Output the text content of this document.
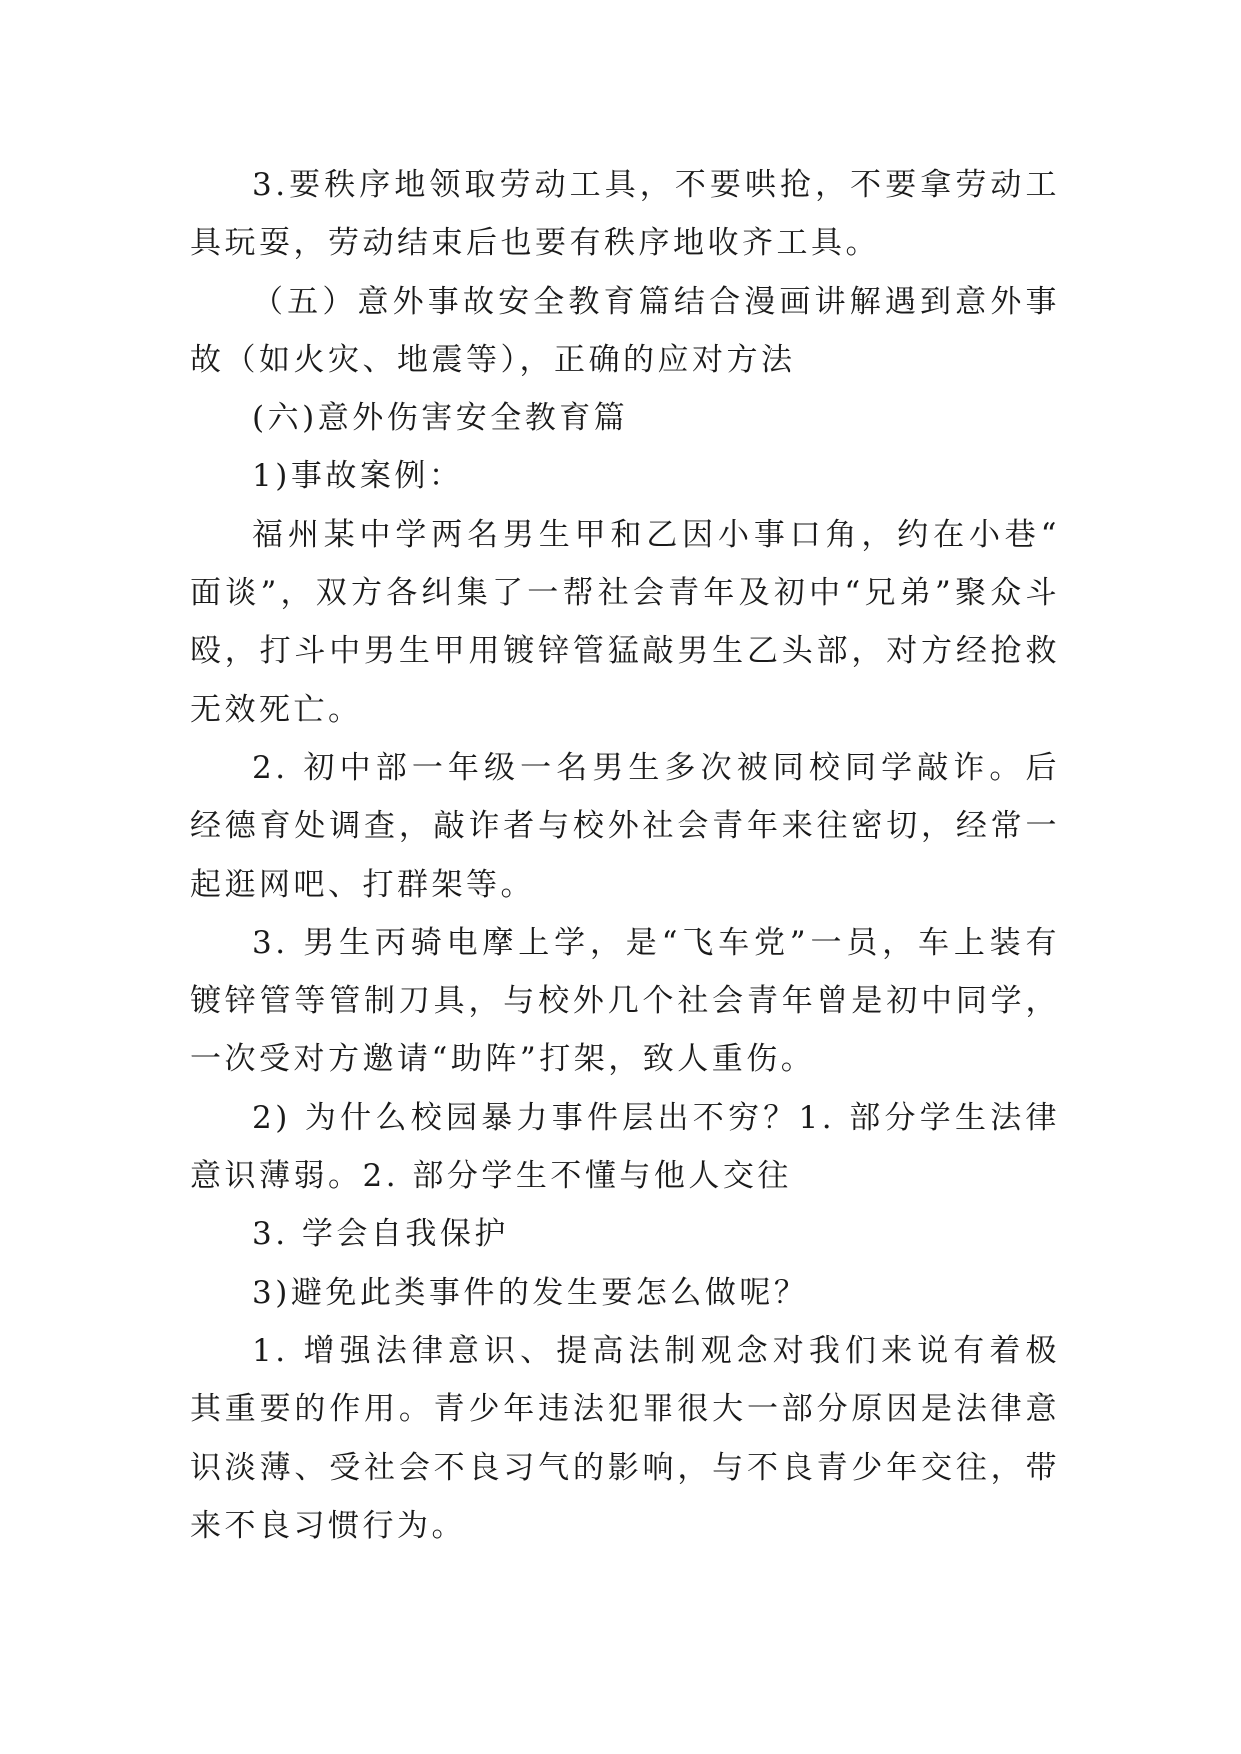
3.要秩序地领取劳动工具，不要哄抢，不要拿劳动工具玩耍，劳动结束后也要有秩序地收齐工具。

（五）意外事故安全教育篇结合漫画讲解遇到意外事故（如火灾、地震等），正确的应对方法

(六)意外伤害安全教育篇

1)事故案例：

福州某中学两名男生甲和乙因小事口角，约在小巷“面谈”，双方各纠集了一帮社会青年及初中“兄弟”聚众斗殴，打斗中男生甲用镀锌管猛敲男生乙头部，对方经抢救无效死亡。

2. 初中部一年级一名男生多次被同校同学敲诈。后经德育处调查，敲诈者与校外社会青年来往密切，经常一起逛网吧、打群架等。

3. 男生丙骑电摩上学，是“飞车党”一员，车上装有镀锌管等管制刀具，与校外几个社会青年曾是初中同学，一次受对方邀请“助阵”打架，致人重伤。

2) 为什么校园暴力事件层出不穷？1. 部分学生法律意识薄弱。2. 部分学生不懂与他人交往

3. 学会自我保护

3)避免此类事件的发生要怎么做呢？

1. 增强法律意识、提高法制观念对我们来说有着极其重要的作用。青少年违法犯罪很大一部分原因是法律意识淡薄、受社会不良习气的影响，与不良青少年交往，带来不良习惯行为。
